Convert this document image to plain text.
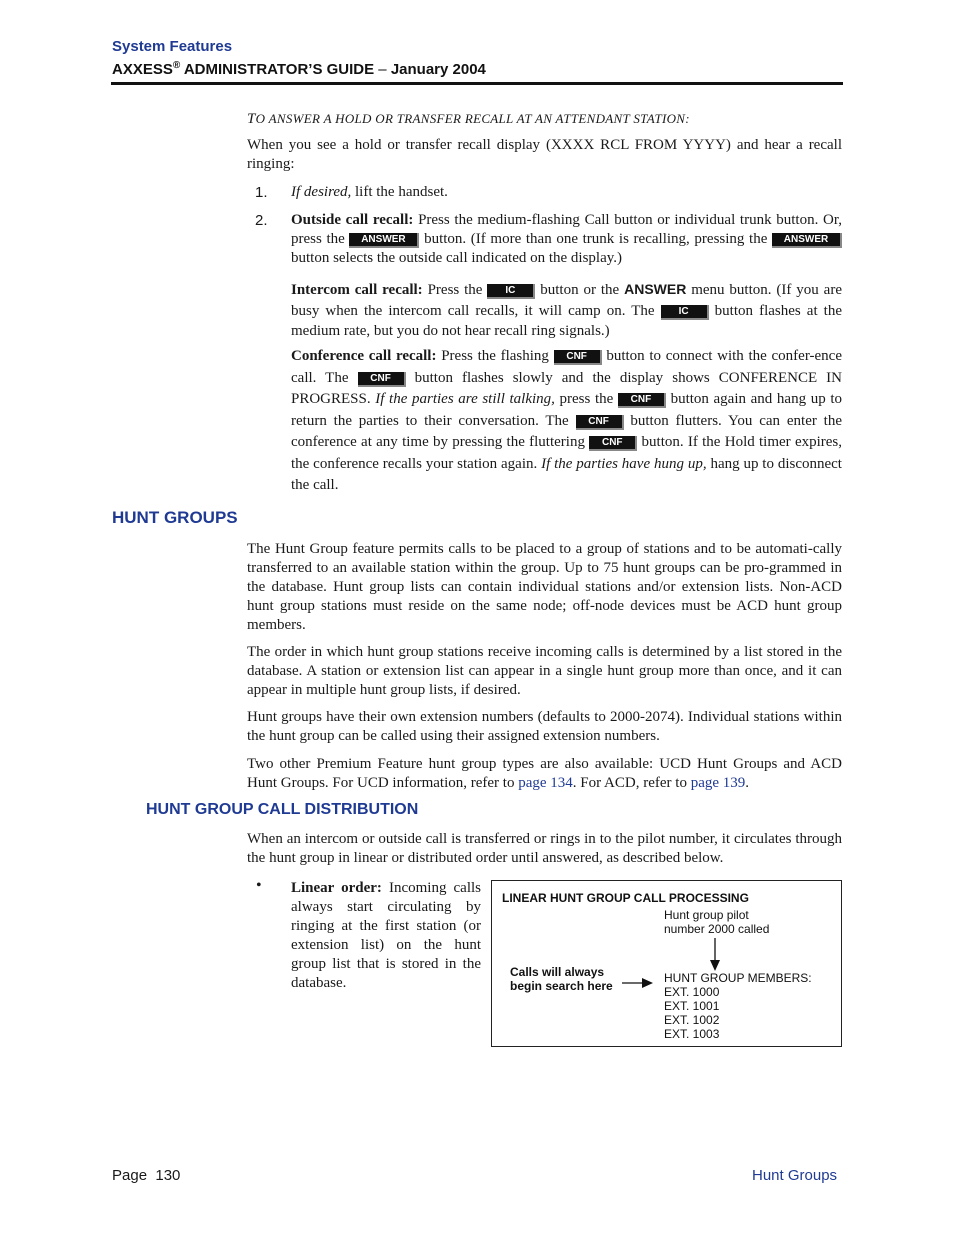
System Features
AXXESS® ADMINISTRATOR’S GUIDE – January 2004
TO ANSWER A HOLD OR TRANSFER RECALL AT AN ATTENDANT STATION:
When you see a hold or transfer recall display (XXXX RCL FROM YYYY) and hear a recall ringing:
1. If desired, lift the handset.
2. Outside call recall: Press the medium-flashing Call button or individual trunk button. Or, press the ANSWER button. (If more than one trunk is recalling, pressing the ANSWER button selects the outside call indicated on the display.)
Intercom call recall: Press the IC button or the ANSWER menu button. (If you are busy when the intercom call recalls, it will camp on. The IC button flashes at the medium rate, but you do not hear recall ring signals.)
Conference call recall: Press the flashing CNF button to connect with the confer-ence call. The CNF button flashes slowly and the display shows CONFERENCE IN PROGRESS. If the parties are still talking, press the CNF button again and hang up to return the parties to their conversation. The CNF button flutters. You can enter the conference at any time by pressing the fluttering CNF button. If the Hold timer expires, the conference recalls your station again. If the parties have hung up, hang up to disconnect the call.
HUNT GROUPS
The Hunt Group feature permits calls to be placed to a group of stations and to be automati-cally transferred to an available station within the group. Up to 75 hunt groups can be pro-grammed in the database. Hunt group lists can contain individual stations and/or extension lists. Non-ACD hunt group stations must reside on the same node; off-node devices must be ACD hunt group members.
The order in which hunt group stations receive incoming calls is determined by a list stored in the database. A station or extension list can appear in a single hunt group more than once, and it can appear in multiple hunt group lists, if desired.
Hunt groups have their own extension numbers (defaults to 2000-2074). Individual stations within the hunt group can be called using their assigned extension numbers.
Two other Premium Feature hunt group types are also available: UCD Hunt Groups and ACD Hunt Groups. For UCD information, refer to page 134. For ACD, refer to page 139.
HUNT GROUP CALL DISTRIBUTION
When an intercom or outside call is transferred or rings in to the pilot number, it circulates through the hunt group in linear or distributed order until answered, as described below.
• Linear order: Incoming calls always start circulating by ringing at the first station (or extension list) on the hunt group list that is stored in the database.
LINEAR HUNT GROUP CALL PROCESSING
Hunt group pilot
number 2000 called
Calls will always
begin search here
HUNT GROUP MEMBERS:
EXT. 1000
EXT. 1001
EXT. 1002
EXT. 1003
Page  130	Hunt Groups
